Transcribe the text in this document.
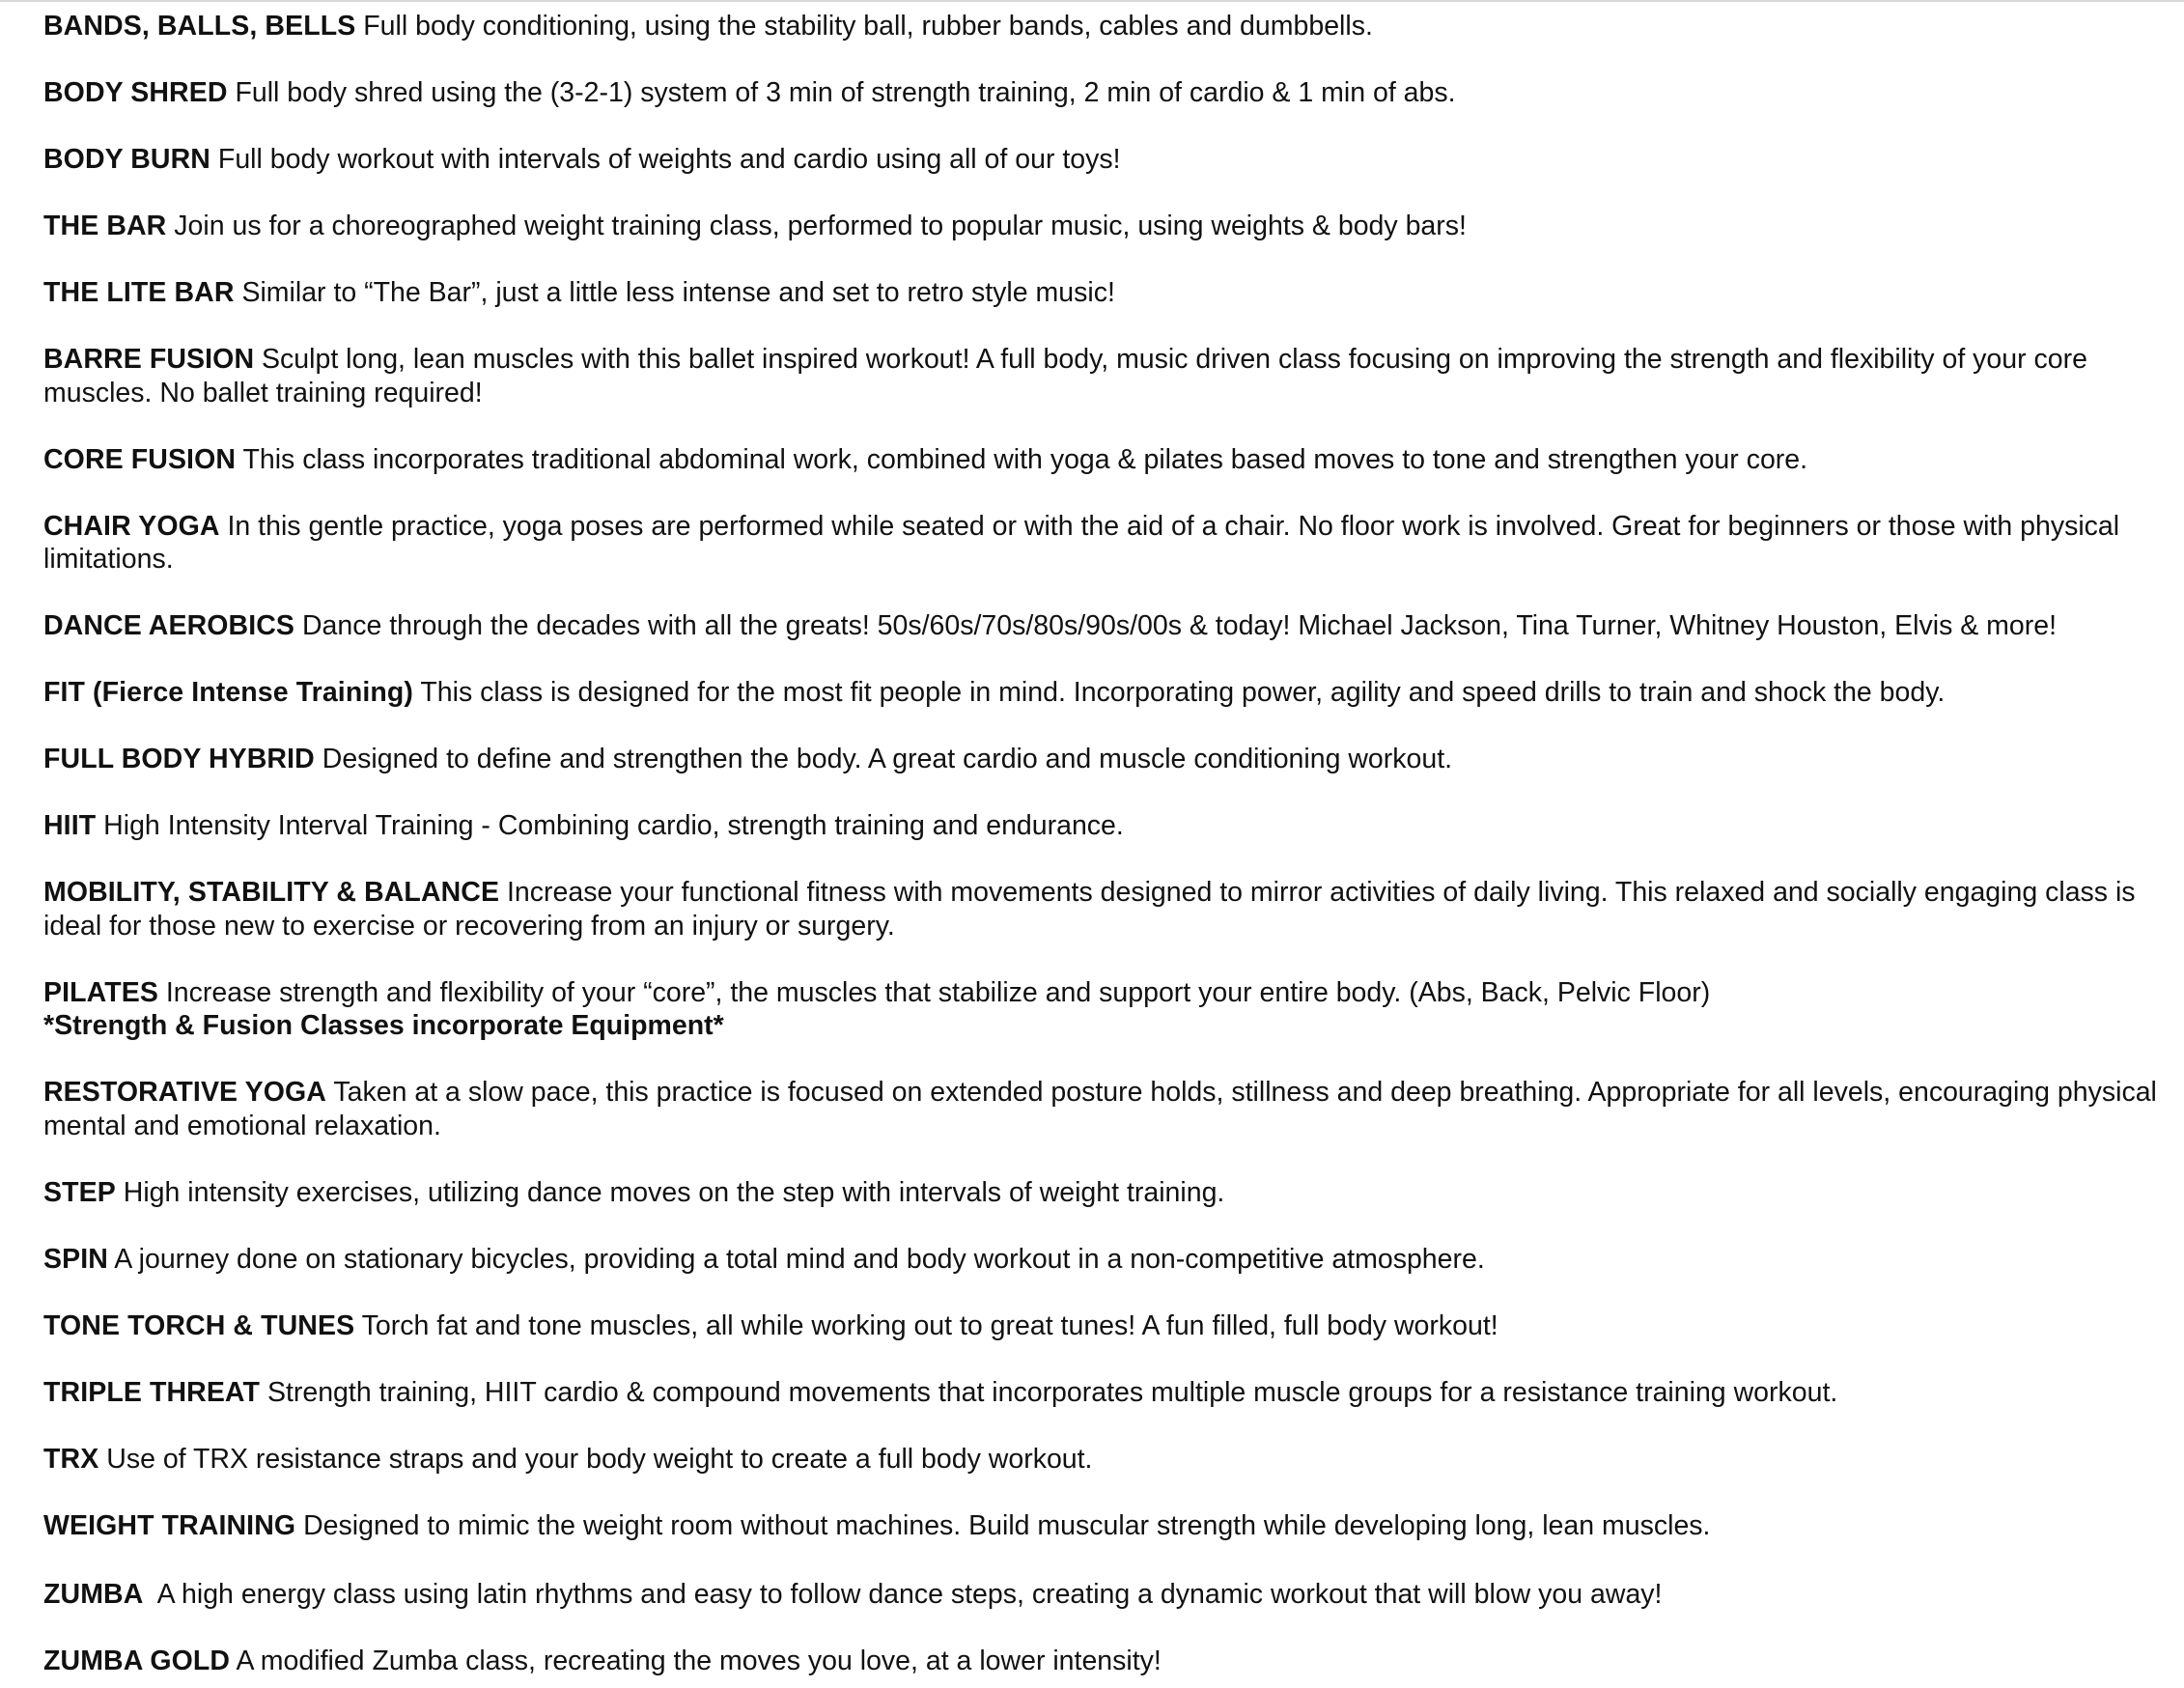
BANDS, BALLS, BELLS Full body conditioning, using the stability ball, rubber bands, cables and dumbbells.

BODY SHRED Full body shred using the (3-2-1) system of 3 min of strength training, 2 min of cardio & 1 min of abs.

BODY BURN Full body workout with intervals of weights and cardio using all of our toys!

THE BAR Join us for a choreographed weight training class, performed to popular music, using weights & body bars!

THE LITE BAR Similar to “The Bar”, just a little less intense and set to retro style music!

BARRE FUSION Sculpt long, lean muscles with this ballet inspired workout! A full body, music driven class focusing on improving the strength and flexibility of your core muscles. No ballet training required!

CORE FUSION This class incorporates traditional abdominal work, combined with yoga & pilates based moves to tone and strengthen your core.

CHAIR YOGA In this gentle practice, yoga poses are performed while seated or with the aid of a chair. No floor work is involved. Great for beginners or those with physical limitations.

DANCE AEROBICS Dance through the decades with all the greats! 50s/60s/70s/80s/90s/00s & today! Michael Jackson, Tina Turner, Whitney Houston, Elvis & more!

FIT (Fierce Intense Training) This class is designed for the most fit people in mind. Incorporating power, agility and speed drills to train and shock the body.

FULL BODY HYBRID Designed to define and strengthen the body. A great cardio and muscle conditioning workout.

HIIT High Intensity Interval Training - Combining cardio, strength training and endurance.

MOBILITY, STABILITY & BALANCE Increase your functional fitness with movements designed to mirror activities of daily living. This relaxed and socially engaging class is ideal for those new to exercise or recovering from an injury or surgery.

PILATES Increase strength and flexibility of your “core”, the muscles that stabilize and support your entire body. (Abs, Back, Pelvic Floor)

*Strength & Fusion Classes incorporate Equipment*

RESTORATIVE YOGA Taken at a slow pace, this practice is focused on extended posture holds, stillness and deep breathing. Appropriate for all levels, encouraging physical mental and emotional relaxation.

STEP High intensity exercises, utilizing dance moves on the step with intervals of weight training.

SPIN A journey done on stationary bicycles, providing a total mind and body workout in a non-competitive atmosphere.

TONE TORCH & TUNES Torch fat and tone muscles, all while working out to great tunes! A fun filled, full body workout!

TRIPLE THREAT Strength training, HIIT cardio & compound movements that incorporates multiple muscle groups for a resistance training workout.

TRX Use of TRX resistance straps and your body weight to create a full body workout.

WEIGHT TRAINING Designed to mimic the weight room without machines. Build muscular strength while developing long, lean muscles.

ZUMBA A high energy class using latin rhythms and easy to follow dance steps, creating a dynamic workout that will blow you away!

ZUMBA GOLD A modified Zumba class, recreating the moves you love, at a lower intensity!
